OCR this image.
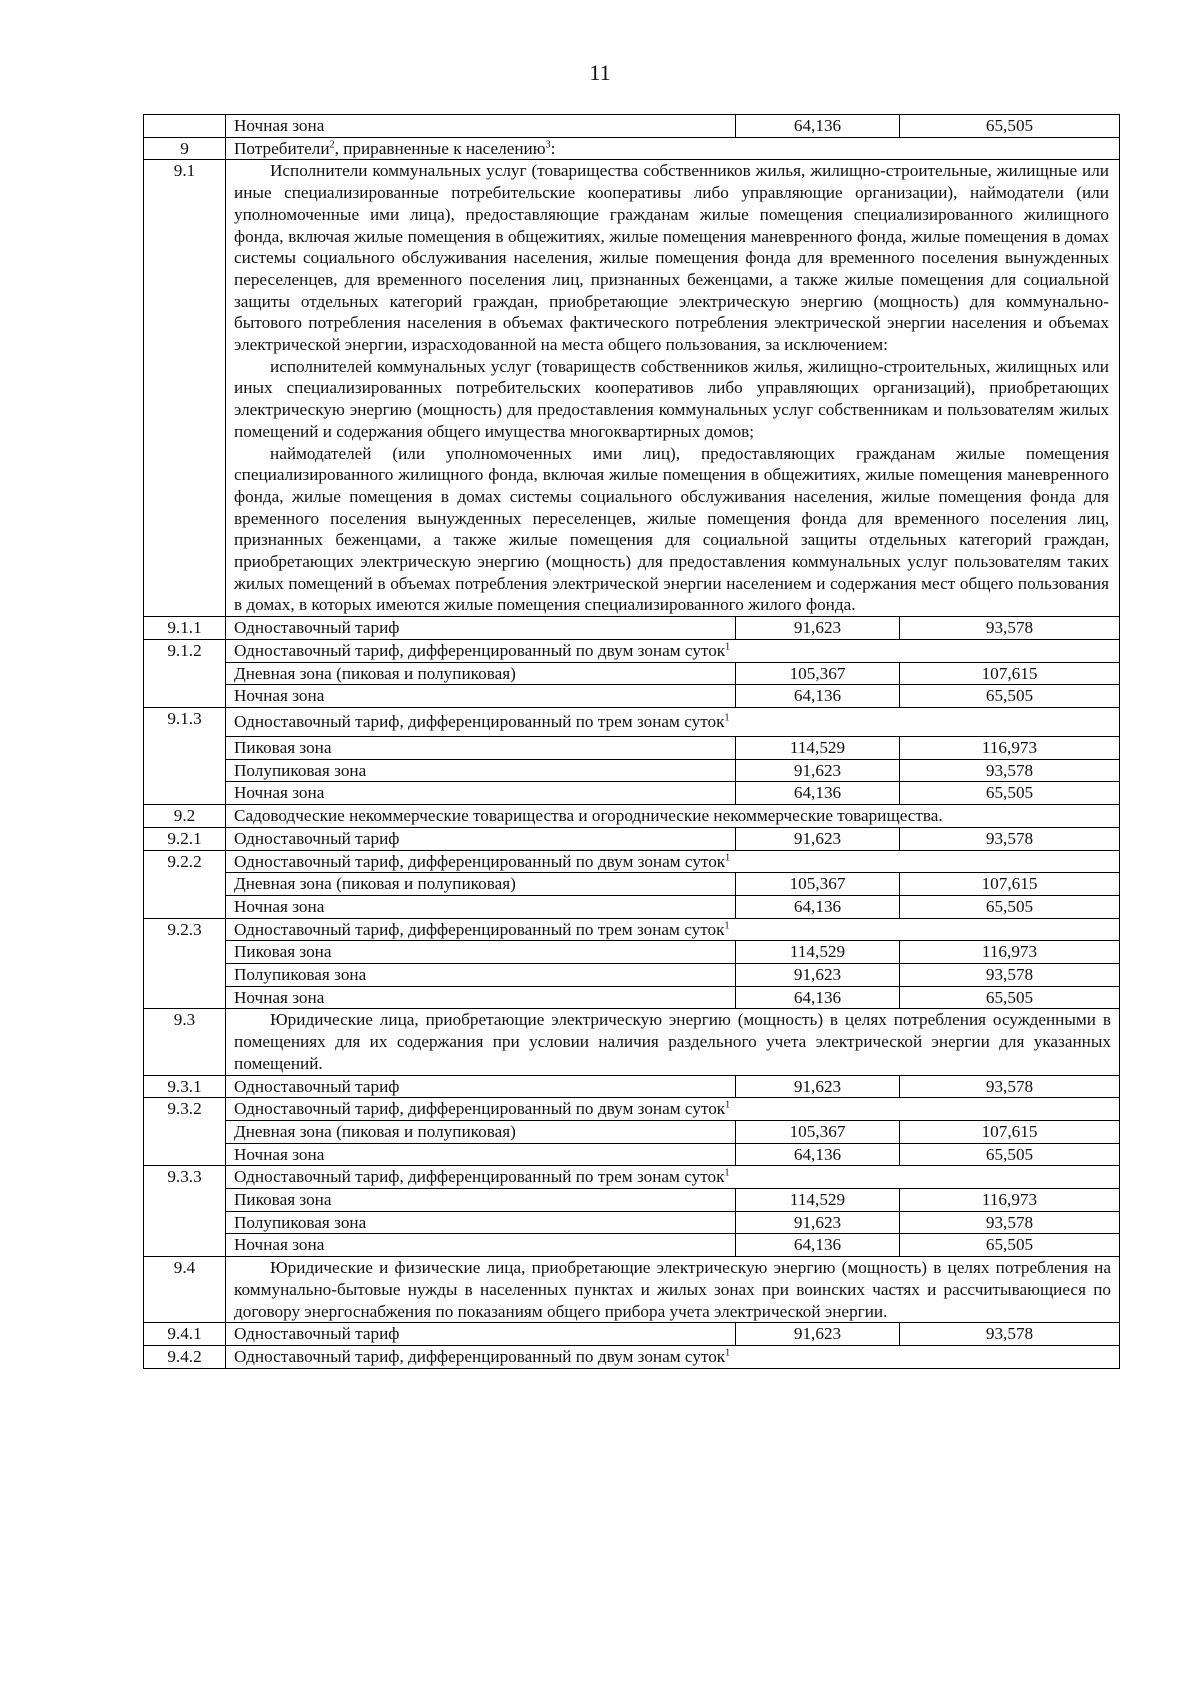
11
	Ночная зона	64,136	65,505
9	Потребители$^2$, приравненные к населению$^3$:		
9.1	Исполнители коммунальных услуг (товарищества собственников жилья, жилищно-строительные, жилищные или иные специализированные потребительские кооперативы либо управляющие организации), наймодатели (или уполномоченные ими лица), предоставляющие гражданам жилые помещения специализированного жилищного фонда, включая жилые помещения в общежитиях, жилые помещения маневренного фонда, жилые помещения в домах системы социального обслуживания населения, жилые помещения фонда для временного поселения вынужденных переселенцев, для временного поселения лиц, признанных беженцами, а также жилые помещения для социальной защиты отдельных категорий граждан, приобретающие электрическую энергию (мощность) для коммунально-бытового потребления населения в объемах фактического потребления электрической энергии населения и объемах электрической энергии, израсходованной на места общего пользования, за исключением:
исполнителей коммунальных услуг (товариществ собственников жилья, жилищно-строительных, жилищных или иных специализированных потребительских кооперативов либо управляющих организаций), приобретающих электрическую энергию (мощность) для предоставления коммунальных услуг собственникам и пользователям жилых помещений и содержания общего имущества многоквартирных домов;
наймодателей (или уполномоченных ими лиц), предоставляющих гражданам жилые помещения специализированного жилищного фонда, включая жилые помещения в общежитиях, жилые помещения маневренного фонда, жилые помещения в домах системы социального обслуживания населения, жилые помещения фонда для временного поселения вынужденных переселенцев, жилые помещения фонда для временного поселения лиц, признанных беженцами, а также жилые помещения для социальной защиты отдельных категорий граждан, приобретающих электрическую энергию (мощность) для предоставления коммунальных услуг пользователям таких жилых помещений в объемах потребления электрической энергии населением и содержания мест общего пользования в домах, в которых имеются жилые помещения специализированного жилого фонда.		

9.1.1	Одноставочный тариф	91,623	93,578
9.1.2	Одноставочный тариф, дифференцированный по двум зонам суток$^1$
	Дневная зона (пиковая и полупиковая)	105,367	107,615
	Ночная зона	64,136	65,505
9.1.3	Одноставочный тариф, дифференцированный по трем зонам суток$^1$
	Пиковая зона	114,529	116,973
	Полупиковая зона	91,623	93,578
	Ночная зона	64,136	65,505
9.2	Садоводческие некоммерческие товарищества и огороднические некоммерческие товарищества.		
9.2.1	Одноставочный тариф	91,623	93,578
9.2.2	Одноставочный тариф, дифференцированный по двум зонам суток$^1$
	Дневная зона (пиковая и полупиковая)	105,367	107,615
	Ночная зона	64,136	65,505
9.2.3	Одноставочный тариф, дифференцированный по трем зонам суток$^1$
	Пиковая зона	114,529	116,973
	Полупиковая зона	91,623	93,578
	Ночная зона	64,136	65,505
9.3	Юридические лица, приобретающие электрическую энергию (мощность) в целях потребления осужденными в помещениях для их содержания при условии наличия раздельного учета электрической энергии для указанных помещений.		
9.3.1	Одноставочный тариф	91,623	93,578
9.3.2	Одноставочный тариф, дифференцированный по двум зонам суток$^1$
	Дневная зона (пиковая и полупиковая)	105,367	107,615
	Ночная зона	64,136	65,505
9.3.3	Одноставочный тариф, дифференцированный по трем зонам суток$^1$
	Пиковая зона	114,529	116,973
	Полупиковая зона	91,623	93,578
	Ночная зона	64,136	65,505
9.4	Юридические и физические лица, приобретающие электрическую энергию (мощность) в целях потребления на коммунально-бытовые нужды в населенных пунктах и жилых зонах при воинских частях и рассчитывающиеся по договору энергоснабжения по показаниям общего прибора учета электрической энергии.		
9.4.1	Одноставочный тариф	91,623	93,578
9.4.2	Одноставочный тариф, дифференцированный по двум зонам суток$^1$
